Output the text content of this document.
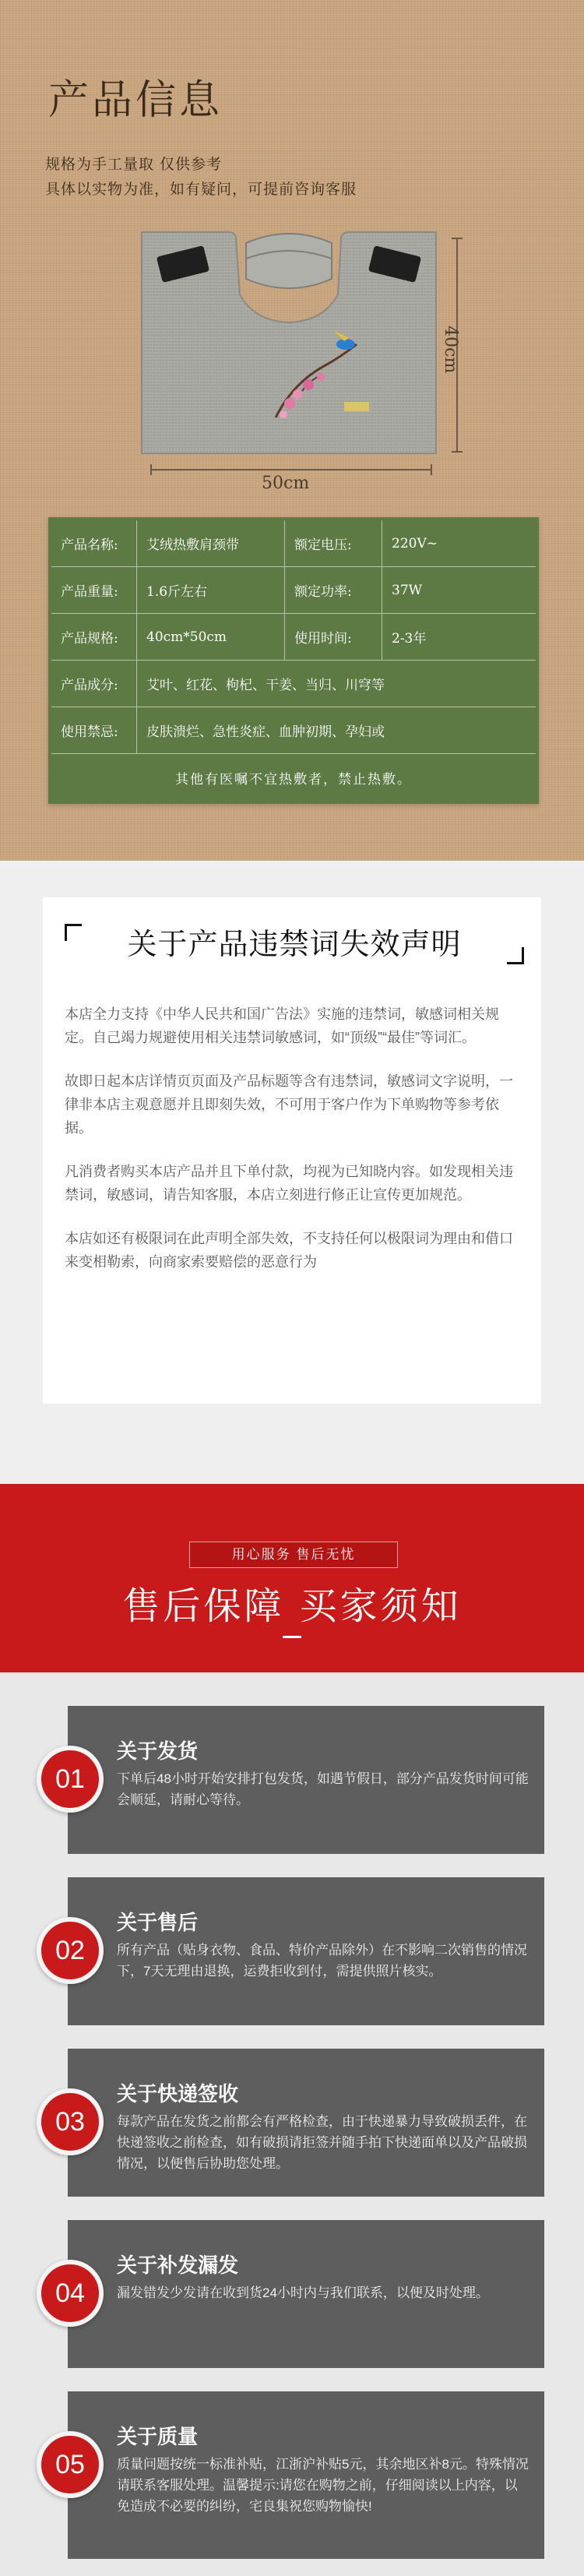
产品信息
规格为手工量取 仅供参考
具体以实物为准，如有疑问，可提前咨询客服
50cm
40cm
产品名称:	艾绒热敷肩颈带	额定电压:	220V~
产品重量:	1.6斤左右	额定功率:	37W
产品规格:	40cm*50cm	使用时间:	2-3年
产品成分:	艾叶、红花、枸杞、干姜、当归、川穹等
使用禁忌:	皮肤溃烂、急性炎症、血肿初期、孕妇或
其他有医嘱不宜热敷者，禁止热敷。
关于产品违禁词失效声明

本店全力支持《中华人民共和国广告法》实施的违禁词，敏感词相关规定。自己竭力规避使用相关违禁词敏感词，如“顶级”“最佳”等词汇。

故即日起本店详情页页面及产品标题等含有违禁词，敏感词文字说明，一律非本店主观意愿并且即刻失效，不可用于客户作为下单购物等参考依据。

凡消费者购买本店产品并且下单付款，均视为已知晓内容。如发现相关违禁词，敏感词，请告知客服，本店立刻进行修正让宣传更加规范。

本店如还有极限词在此声明全部失效，不支持任何以极限词为理由和借口来变相勒索，向商家索要赔偿的恶意行为

用心服务 售后无忧
售后保障 买家须知
关于发货
下单后48小时开始安排打包发货，如遇节假日，部分产品发货时间可能会顺延，请耐心等待。
01
关于售后
所有产品（贴身衣物、食品、特价产品除外）在不影响二次销售的情况下，7天无理由退换，运费拒收到付，需提供照片核实。
02
关于快递签收
每款产品在发货之前都会有严格检查，由于快递暴力导致破损丢件，在快递签收之前检查，如有破损请拒签并随手拍下快递面单以及产品破损情况，以便售后协助您处理。
03
关于补发漏发
漏发错发少发请在收到货24小时内与我们联系，以便及时处理。
04
关于质量
质量问题按统一标准补贴，江浙沪补贴5元，其余地区补8元。特殊情况请联系客服处理。温馨提示:请您在购物之前，仔细阅读以上内容，以免造成不必要的纠纷，宅良集祝您购物愉快!
05
